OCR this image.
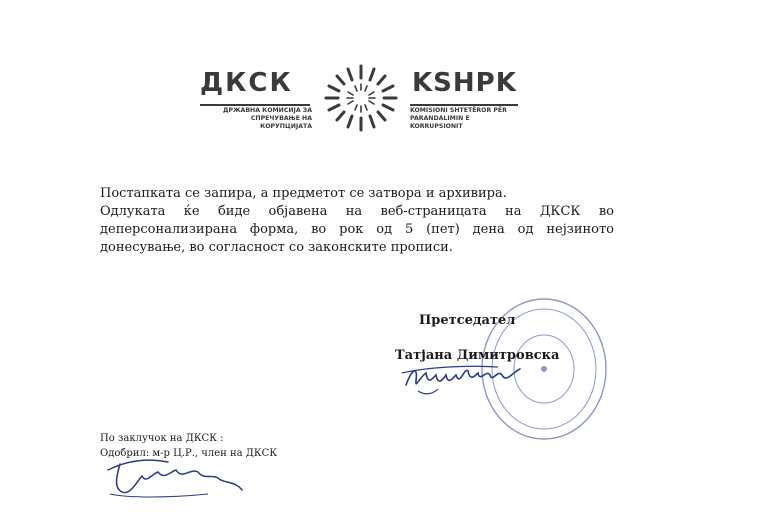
ДКСК	KSHPK
ДРЖАВНА КОМИСИЈА ЗА
СПРЕЧУВАЊЕ НА КОРУПЦИЈАТА
KOMISIONI SHTETËROR PËR
PARANDALIMIN E KORRUPSIONIT

Постапката се запира, а предметот се затвора и архивира.

Одлуката ќе биде објавена на веб-страницата на ДКСК во деперсонализирана форма, во рок од 5 (пет) дена од нејзиното донесување, во согласност со законските прописи.

Претседател
Татјана Димитровска
По заклучок на ДКСК :
Одобрил: м-р Ц.Р., член на ДКСК
